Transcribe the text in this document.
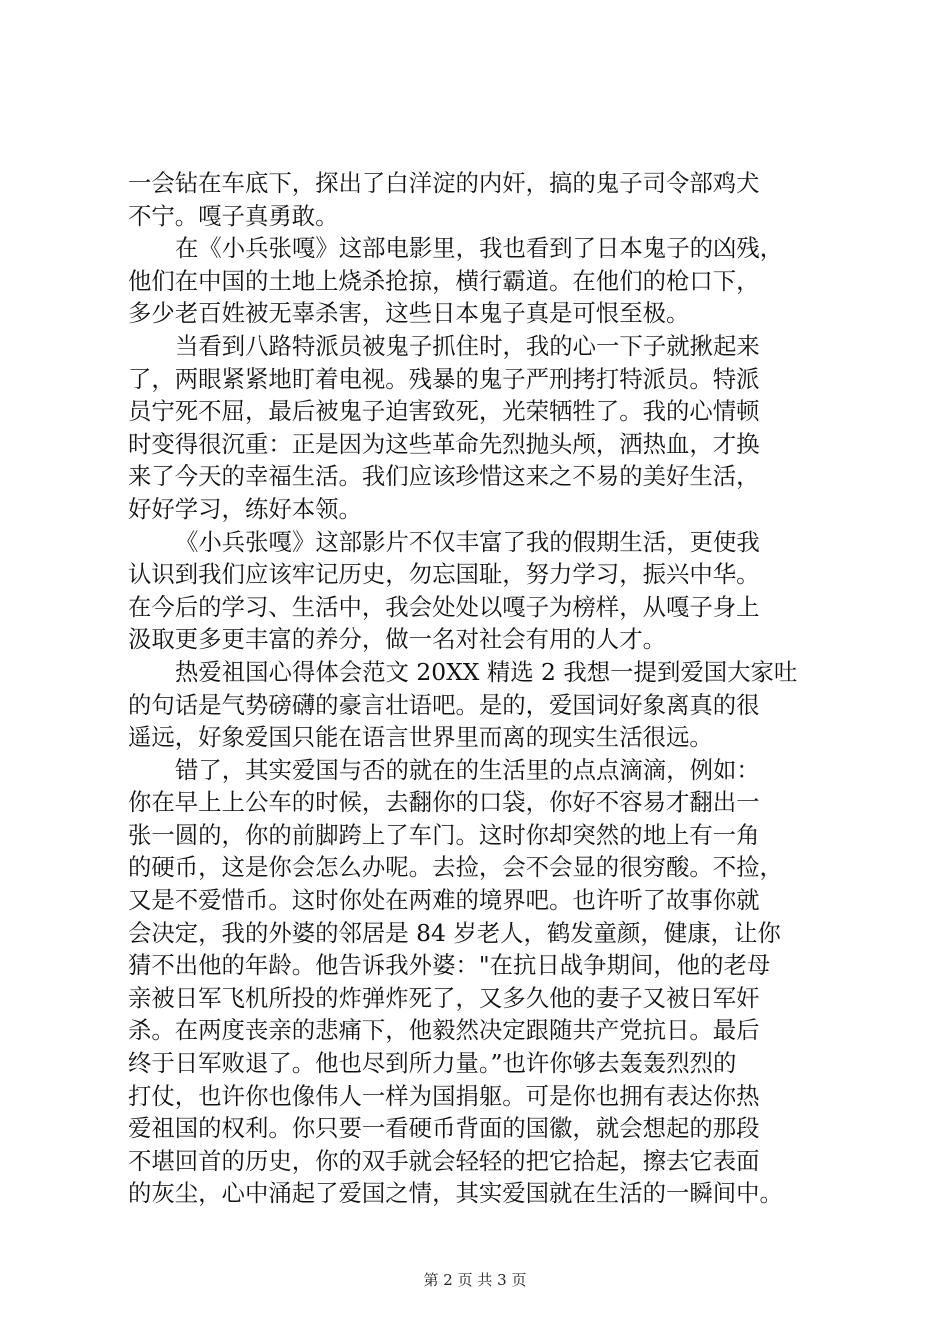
一会钻在车底下，探出了白洋淀的内奸，搞的鬼子司令部鸡犬
不宁。嘎子真勇敢。
在《小兵张嘎》这部电影里，我也看到了日本鬼子的凶残，
他们在中国的土地上烧杀抢掠，横行霸道。在他们的枪口下，
多少老百姓被无辜杀害，这些日本鬼子真是可恨至极。
当看到八路特派员被鬼子抓住时，我的心一下子就揪起来
了，两眼紧紧地盯着电视。残暴的鬼子严刑拷打特派员。特派
员宁死不屈，最后被鬼子迫害致死，光荣牺牲了。我的心情顿
时变得很沉重：正是因为这些革命先烈抛头颅，洒热血，才换
来了今天的幸福生活。我们应该珍惜这来之不易的美好生活，
好好学习，练好本领。
《小兵张嘎》这部影片不仅丰富了我的假期生活，更使我
认识到我们应该牢记历史，勿忘国耻，努力学习，振兴中华。
在今后的学习、生活中，我会处处以嘎子为榜样，从嘎子身上
汲取更多更丰富的养分，做一名对社会有用的人才。
热爱祖国心得体会范文 20XX 精选 2 我想一提到爱国大家吐
的句话是气势磅礴的豪言壮语吧。是的，爱国词好象离真的很
遥远，好象爱国只能在语言世界里而离的现实生活很远。
错了，其实爱国与否的就在的生活里的点点滴滴，例如：
你在早上上公车的时候，去翻你的口袋，你好不容易才翻出一
张一圆的，你的前脚跨上了车门。这时你却突然的地上有一角
的硬币，这是你会怎么办呢。去捡，会不会显的很穷酸。不捡，
又是不爱惜币。这时你处在两难的境界吧。也许听了故事你就
会决定，我的外婆的邻居是 84 岁老人，鹤发童颜，健康，让你
猜不出他的年龄。他告诉我外婆："在抗日战争期间，他的老母
亲被日军飞机所投的炸弹炸死了，又多久他的妻子又被日军奸
杀。在两度丧亲的悲痛下，他毅然决定跟随共产党抗日。最后
终于日军败退了。他也尽到所力量。”也许你够去轰轰烈烈的
打仗，也许你也像伟人一样为国捐躯。可是你也拥有表达你热
爱祖国的权利。你只要一看硬币背面的国徽，就会想起的那段
不堪回首的历史，你的双手就会轻轻的把它拾起，擦去它表面
的灰尘，心中涌起了爱国之情，其实爱国就在生活的一瞬间中。
第 2 页 共 3 页
